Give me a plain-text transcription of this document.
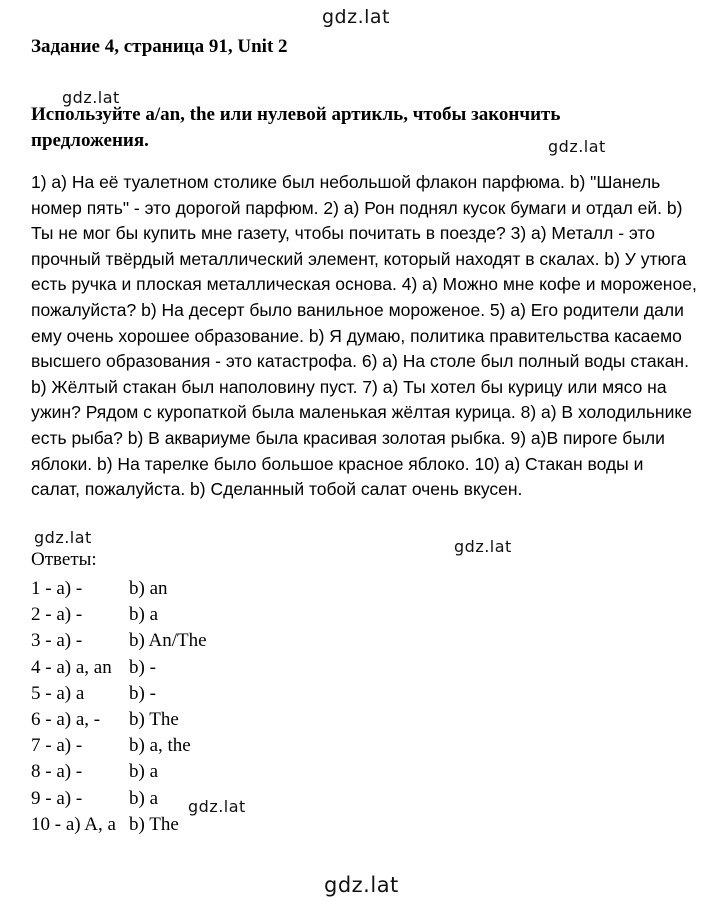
gdz.lat
Задание 4, страница 91, Unit 2
gdz.lat
Используйте a/an, the или нулевой артикль, чтобы закончить предложения.	gdz.lat
1) a) На её туалетном столике был небольшой флакон парфюма. b) "Шанель номер пять" - это дорогой парфюм. 2) a) Рон поднял кусок бумаги и отдал ей. b) Ты не мог бы купить мне газету, чтобы почитать в поезде? 3) a) Металл - это прочный твёрдый металлический элемент, который находят в скалах. b) У утюга есть ручка и плоская металлическая основа. 4) a) Можно мне кофе и мороженое, пожалуйста? b) На десерт было ванильное мороженое. 5) a) Его родители дали ему очень хорошее образование. b) Я думаю, политика правительства касаемо высшего образования - это катастрофа. 6) a) На столе был полный воды стакан. b) Жёлтый стакан был наполовину пуст. 7) a) Ты хотел бы курицу или мясо на ужин? Рядом с куропаткой была маленькая жёлтая курица. 8) a) В холодильнике есть рыба? b) В аквариуме была красивая золотая рыбка. 9) a)В пироге были яблоки. b) На тарелке было большое красное яблоко. 10) a) Стакан воды и салат, пожалуйста. b) Сделанный тобой салат очень вкусен.
gdz.lat	gdz.lat
Ответы:
1 - a) - b) an
2 - a) - b) a
3 - a) - b) An/The
4 - a) a, an b) -
5 - a) a b) -
6 - a) a, - b) The
7 - a) - b) a, the
8 - a) - b) a
9 - a) - b) a
10 - a) A, a b) The
gdz.lat
gdz.lat
